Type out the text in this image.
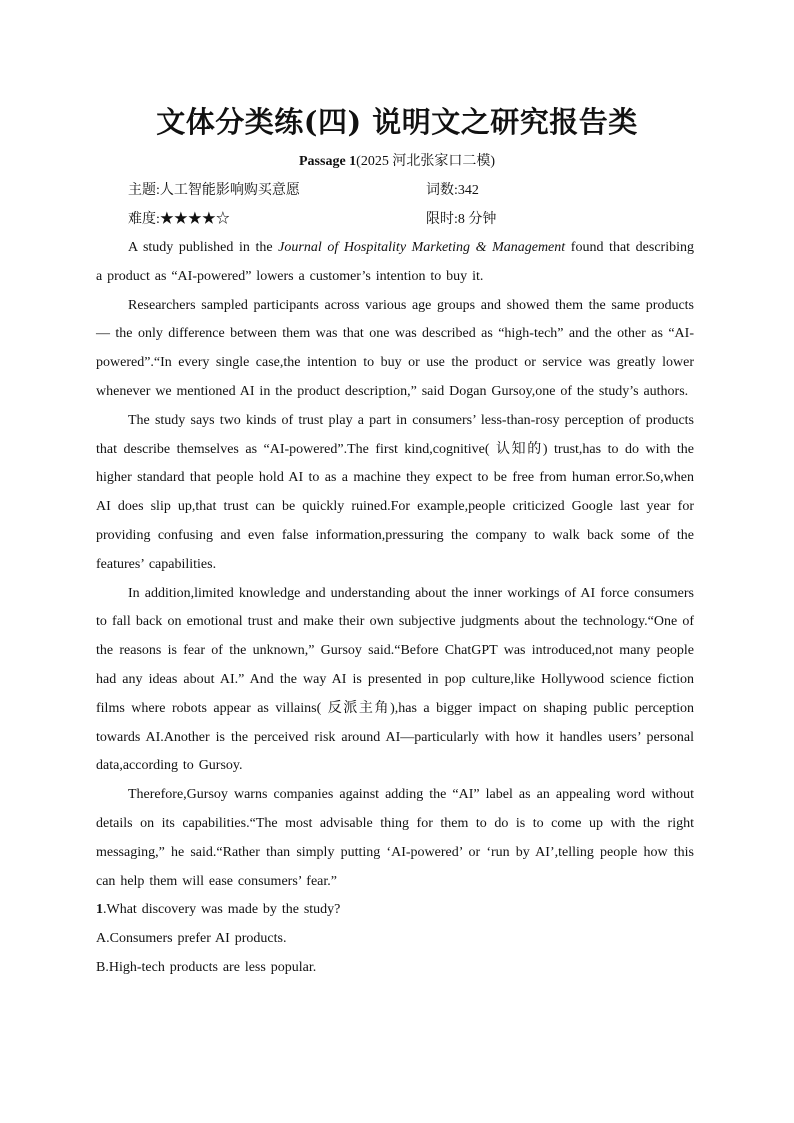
文体分类练(四) 说明文之研究报告类
Passage 1(2025 河北张家口二模)
主题:人工智能影响购买意愿	词数:342
难度:★★★★☆	限时:8 分钟

A study published in the Journal of Hospitality Marketing & Management found that describing a product as “AI-powered” lowers a customer’s intention to buy it.

Researchers sampled participants across various age groups and showed them the same products — the only difference between them was that one was described as “high-tech” and the other as “AI-powered”.“In every single case,the intention to buy or use the product or service was greatly lower whenever we mentioned AI in the product description,” said Dogan Gursoy,one of the study’s authors.

The study says two kinds of trust play a part in consumers’ less-than-rosy perception of products that describe themselves as “AI-powered”.The first kind,cognitive( 认知的) trust,has to do with the higher standard that people hold AI to as a machine they expect to be free from human error.So,when AI does slip up,that trust can be quickly ruined.For example,people criticized Google last year for providing confusing and even false information,pressuring the company to walk back some of the features’ capabilities.

In addition,limited knowledge and understanding about the inner workings of AI force consumers to fall back on emotional trust and make their own subjective judgments about the technology.“One of the reasons is fear of the unknown,” Gursoy said.“Before ChatGPT was introduced,not many people had any ideas about AI.” And the way AI is presented in pop culture,like Hollywood science fiction films where robots appear as villains( 反派主角),has a bigger impact on shaping public perception towards AI.Another is the perceived risk around AI—particularly with how it handles users’ personal data,according to Gursoy.

Therefore,Gursoy warns companies against adding the “AI” label as an appealing word without details on its capabilities.“The most advisable thing for them to do is to come up with the right messaging,” he said.“Rather than simply putting ‘AI-powered’ or ‘run by AI’,telling people how this can help them will ease consumers’ fear.”

1.What discovery was made by the study?

A.Consumers prefer AI products.

B.High-tech products are less popular.
